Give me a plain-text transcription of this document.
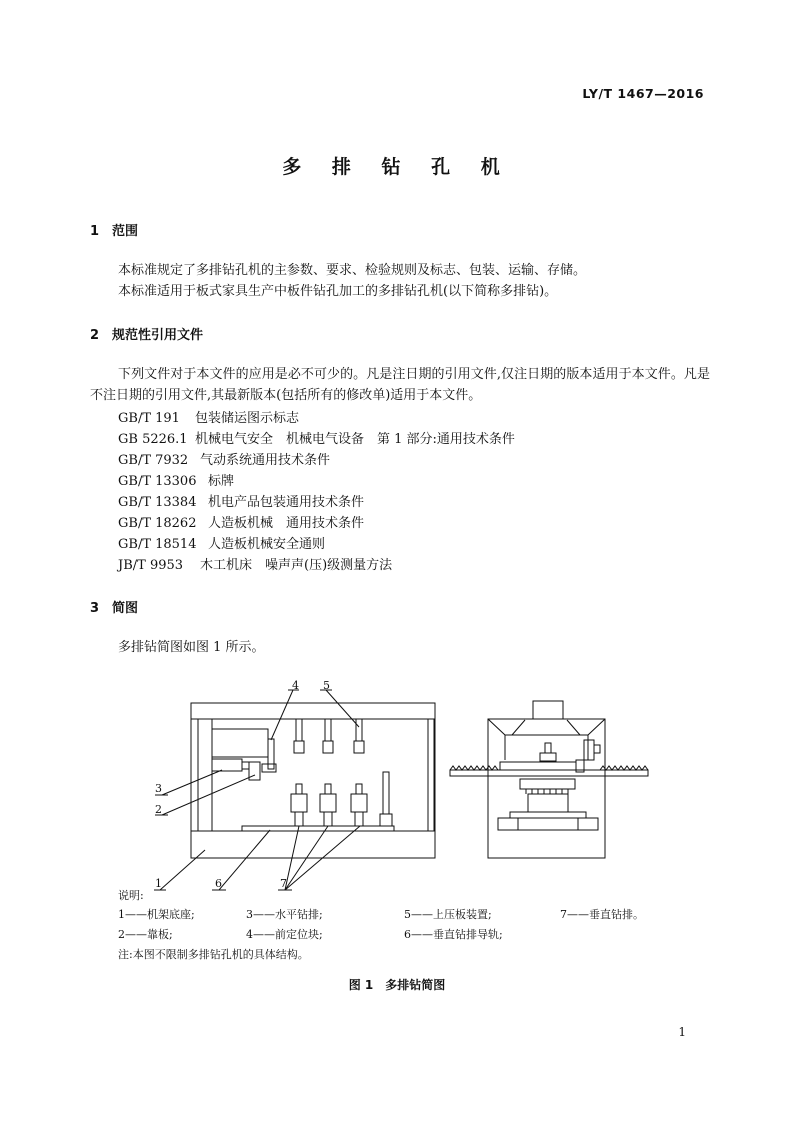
LY/T 1467—2016
多 排 钻 孔 机
1 范围
本标准规定了多排钻孔机的主参数、要求、检验规则及标志、包装、运输、存储。
本标准适用于板式家具生产中板件钻孔加工的多排钻孔机(以下简称多排钻)。
2 规范性引用文件
下列文件对于本文件的应用是必不可少的。凡是注日期的引用文件,仅注日期的版本适用于本文件。凡是不注日期的引用文件,其最新版本(包括所有的修改单)适用于本文件。
GB/T 191 包装储运图示标志
GB 5226.1 机械电气安全　机械电气设备　第 1 部分:通用技术条件
GB/T 7932 气动系统通用技术条件
GB/T 13306 标牌
GB/T 13384 机电产品包装通用技术条件
GB/T 18262 人造板机械　通用技术条件
GB/T 18514 人造板机械安全通则
JB/T 9953 木工机床　噪声声(压)级测量方法
3 简图
多排钻简图如图 1 所示。
4 5
3
2
1	6	7
说明:
1——机架底座;	3——水平钻排;	5——上压板装置;	7——垂直钻排。
2——靠板;	4——前定位块;	6——垂直钻排导轨;
注:本图不限制多排钻孔机的具体结构。
图 1　多排钻简图
1
